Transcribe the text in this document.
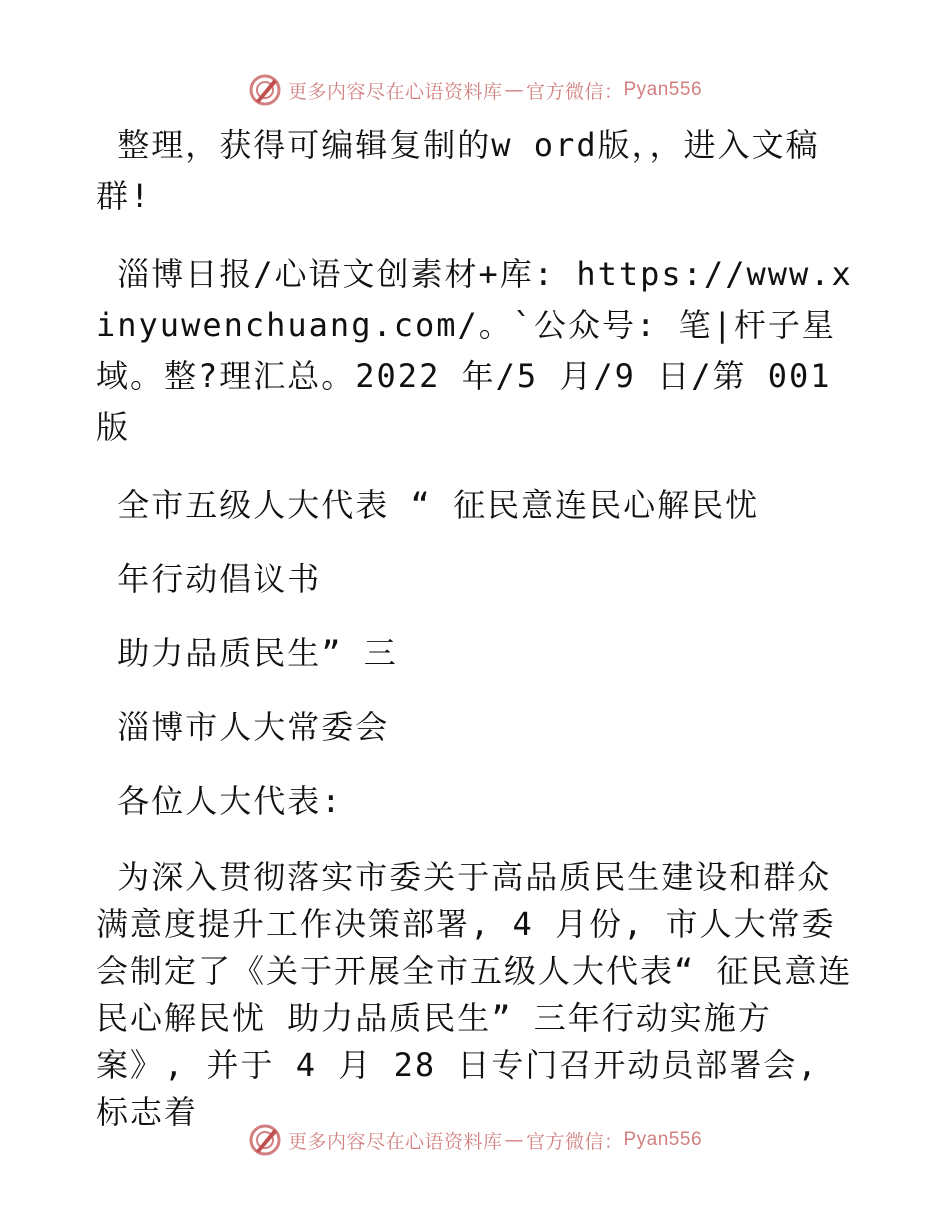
更多内容尽在心语资料库 — 官方微信： Pyan556

整理，获得可编辑复制的w ord版，，进入文稿群!

淄博日报/心语文创素材+库: https://www.xinyuwenchuang.com/。`公众号: 笔|杆子星域。整?理汇总。2022 年/5 月/9 日/第 001 版

全市五级人大代表 “ 征民意连民心解民忧

年行动倡议书

助力品质民生” 三

淄博市人大常委会

各位人大代表:

为深入贯彻落实市委关于高品质民生建设和群众满意度提升工作决策部署, 4 月份, 市人大常委会制定了《关于开展全市五级人大代表“ 征民意连民心解民忧 助力品质民生” 三年行动实施方案》, 并于 4 月 28 日专门召开动员部署会, 标志着

更多内容尽在心语资料库 — 官方微信： Pyan556
